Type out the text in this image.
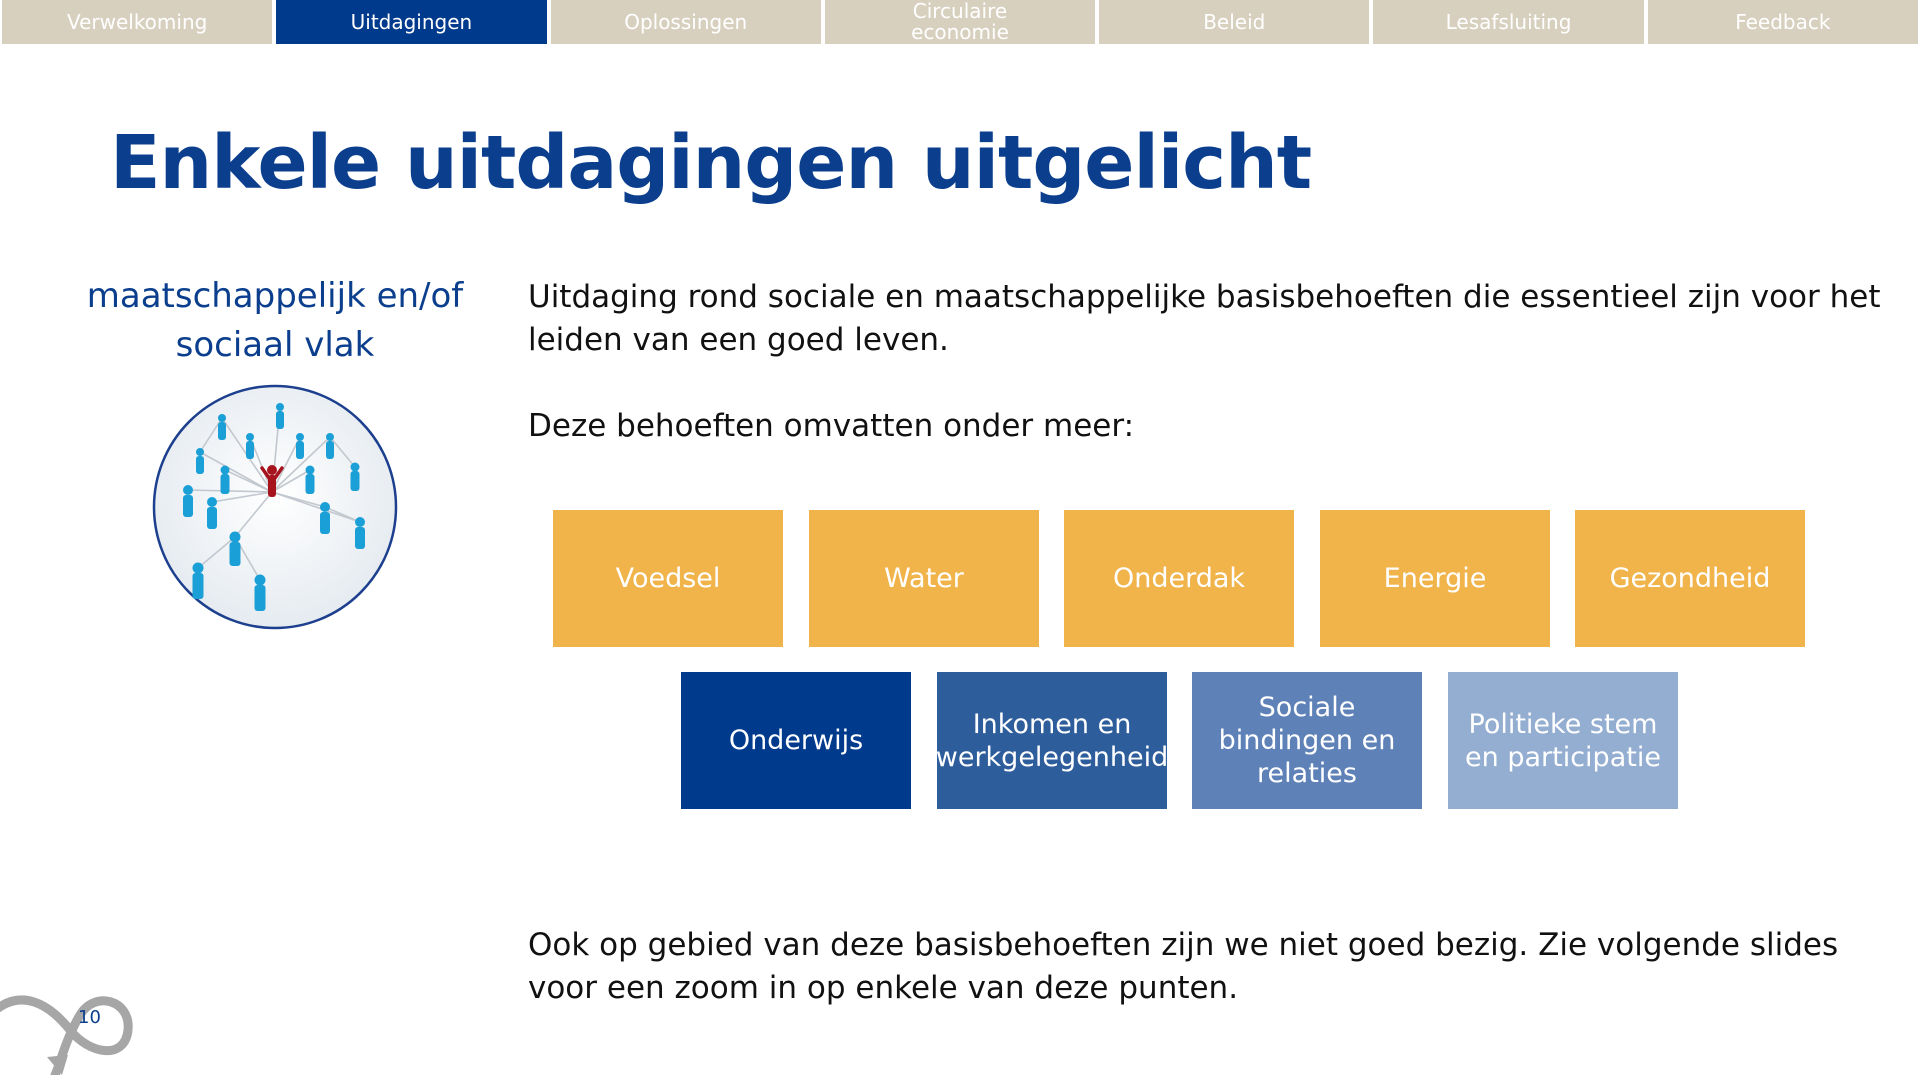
Verwelkoming	Uitdagingen	Oplossingen	Circulaire
economie	Beleid	Lesafsluiting	Feedback
Enkele uitdagingen uitgelicht
maatschappelijk en/of
sociaal vlak
Uitdaging rond sociale en maatschappelijke basisbehoeften die essentieel zijn voor het leiden van een goed leven.
Deze behoeften omvatten onder meer:
Voedsel	Water	Onderdak	Energie	Gezondheid
Onderwijs
Inkomen en werkgelegenheid
Sociale bindingen en relaties
Politieke stem en participatie
Ook op gebied van deze basisbehoeften zijn we niet goed bezig. Zie volgende slides voor een zoom in op enkele van deze punten.
10
